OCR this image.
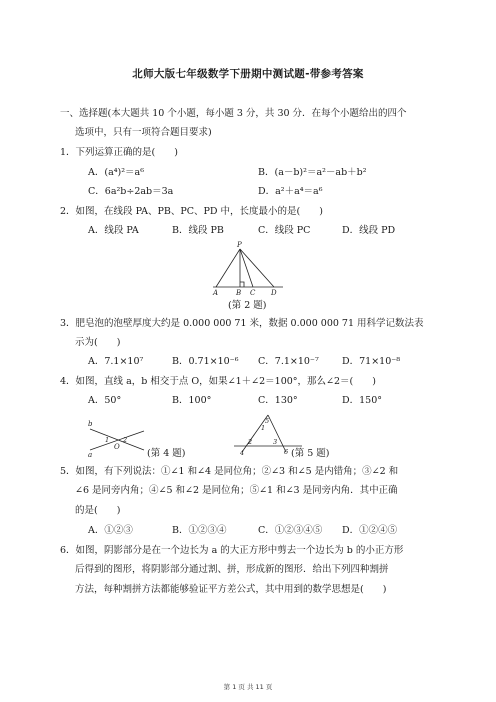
北师大版七年级数学下册期中测试题-带参考答案
一、选择题(本大题共 10 个小题，每小题 3 分，共 30 分．在每个小题给出的四个
选项中，只有一项符合题目要求)
1．下列运算正确的是(　　)
A．(a⁴)²＝a⁶	B．(a－b)²＝a²－ab＋b²
C．6a²b÷2ab＝3a	D．a²＋a⁴＝a⁶
2．如图，在线段 PA、PB、PC、PD 中，长度最小的是(　　)
A．线段 PA	B．线段 PB	C．线段 PC	D．线段 PD
P
A	B C D
(第 2 题)
3．肥皂泡的泡壁厚度大约是 0.000 000 71 米，数据 0.000 000 71 用科学记数法表
示为(　　)
A．7.1×10⁷	B．0.71×10⁻⁶ C．7.1×10⁻⁷ D．71×10⁻⁸
4．如图，直线 a，b 相交于点 O，如果∠1＋∠2＝100°，那么∠2＝(　　)
A．50°	B．100°	C．130°	D．150°
b
a
1 2
O
(第 4 题)
5
1
2	3
4	6 (第 5 题)
5．如图，有下列说法：①∠1 和∠4 是同位角；②∠3 和∠5 是内错角；③∠2 和
∠6 是同旁内角；④∠5 和∠2 是同位角；⑤∠1 和∠3 是同旁内角．其中正确
的是(　　)
A．①②③	B．①②③④	C．①②③④⑤ D．①②④⑤
6．如图，阴影部分是在一个边长为 a 的大正方形中剪去一个边长为 b 的小正方形
后得到的图形，将阴影部分通过割、拼，形成新的图形．给出下列四种割拼
方法，每种割拼方法都能够验证平方差公式，其中用到的数学思想是(　　)
第 1 页 共 11 页
